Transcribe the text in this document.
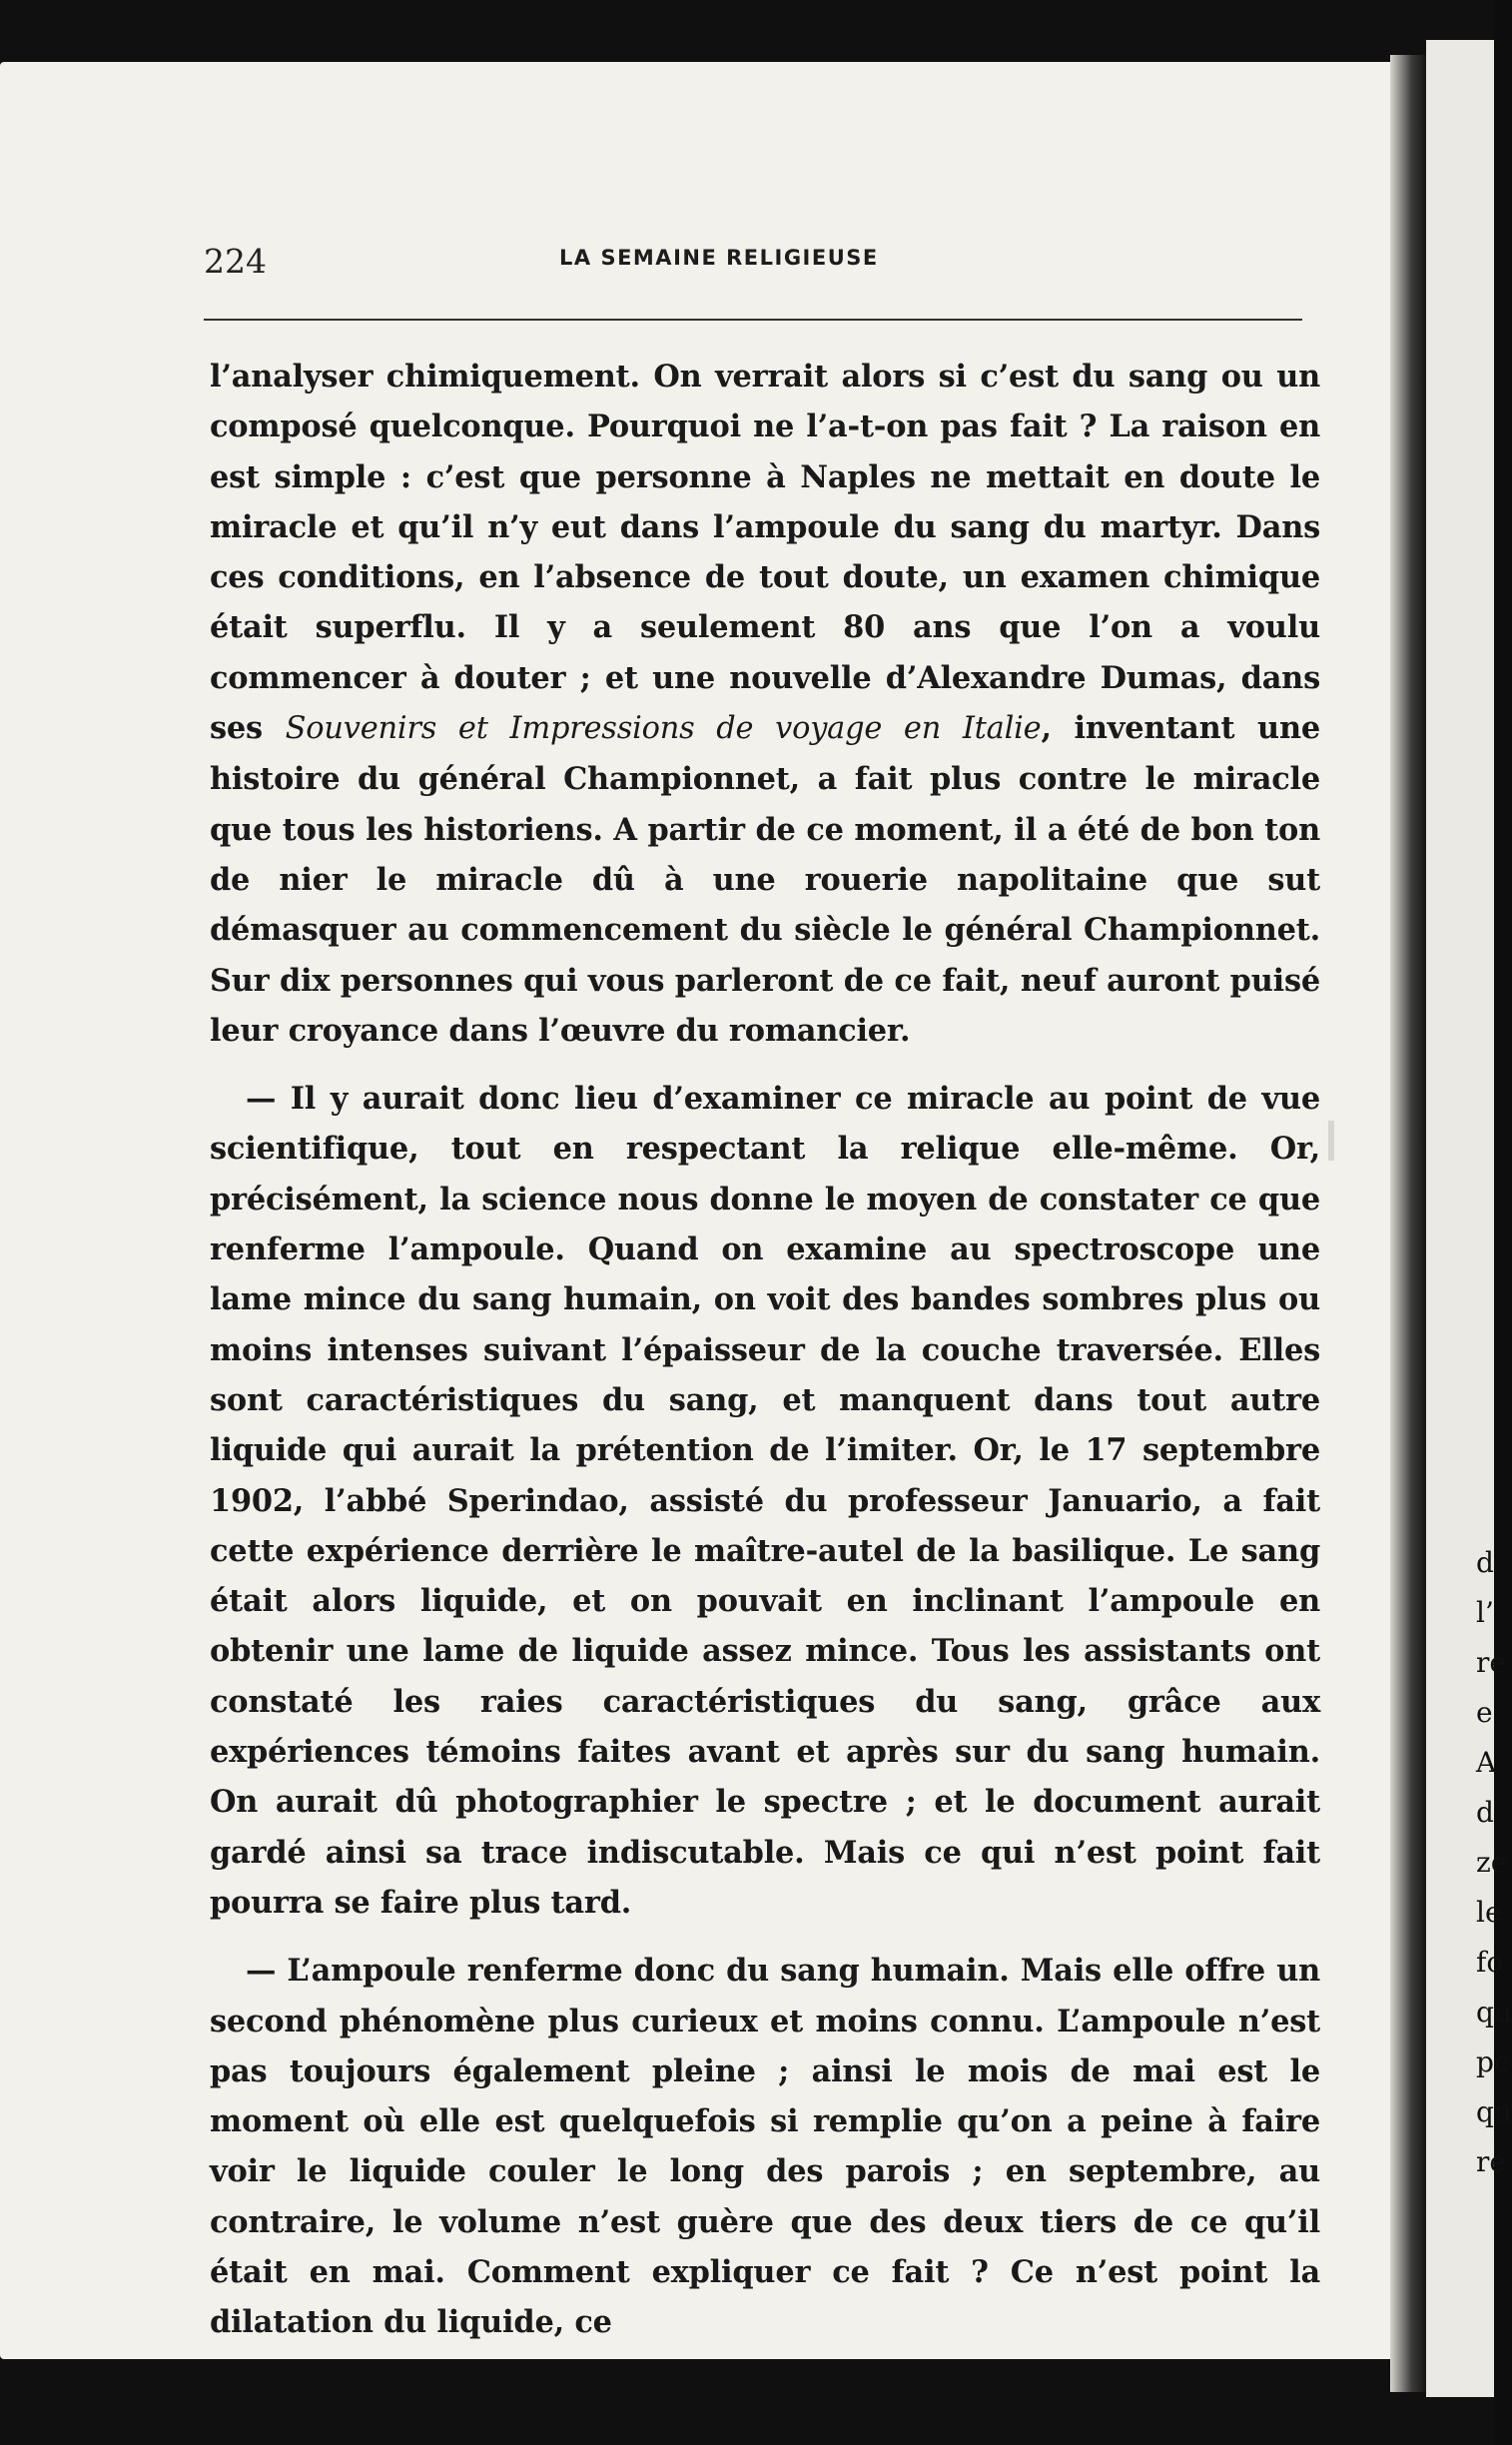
224	LA SEMAINE RELIGIEUSE

l’analyser chimiquement. On verrait alors si c’est du sang ou un composé quelconque. Pourquoi ne l’a-t-on pas fait ? La raison en est simple : c’est que personne à Naples ne mettait en doute le miracle et qu’il n’y eut dans l’ampoule du sang du martyr. Dans ces conditions, en l’absence de tout doute, un examen chimique était superflu. Il y a seulement 80 ans que l’on a voulu commencer à douter ; et une nouvelle d’Alexandre Dumas, dans ses Souvenirs et Impressions de voyage en Italie, inventant une histoire du général Championnet, a fait plus contre le miracle que tous les historiens. A partir de ce moment, il a été de bon ton de nier le miracle dû à une rouerie napolitaine que sut démasquer au commencement du siècle le général Championnet. Sur dix personnes qui vous parleront de ce fait, neuf auront puisé leur croyance dans l’œuvre du romancier.

— Il y aurait donc lieu d’examiner ce miracle au point de vue scientifique, tout en respectant la relique elle-même. Or, précisément, la science nous donne le moyen de constater ce que renferme l’ampoule. Quand on examine au spectroscope une lame mince du sang humain, on voit des bandes sombres plus ou moins intenses suivant l’épaisseur de la couche traversée. Elles sont caractéristiques du sang, et manquent dans tout autre liquide qui aurait la prétention de l’imiter. Or, le 17 septembre 1902, l’abbé Sperindao, assisté du professeur Januario, a fait cette expérience derrière le maître-autel de la basilique. Le sang était alors liquide, et on pouvait en inclinant l’ampoule en obtenir une lame de liquide assez mince. Tous les assistants ont constaté les raies caractéristiques du sang, grâce aux expériences témoins faites avant et après sur du sang humain. On aurait dû photographier le spectre ; et le document aurait gardé ainsi sa trace indiscutable. Mais ce qui n’est point fait pourra se faire plus tard.

— L’ampoule renferme donc du sang humain. Mais elle offre un second phénomène plus curieux et moins connu. L’ampoule n’est pas toujours également pleine ; ainsi le mois de mai est le moment où elle est quelquefois si remplie qu’on a peine à faire voir le liquide couler le long des parois ; en septembre, au contraire, le volume n’est guère que des deux tiers de ce qu’il était en mai. Comment expliquer ce fait ? Ce n’est point la dilatation du liquide, ce

d
l’
re
e
A
d
ze
le
fo
qu
pc
qu
re
